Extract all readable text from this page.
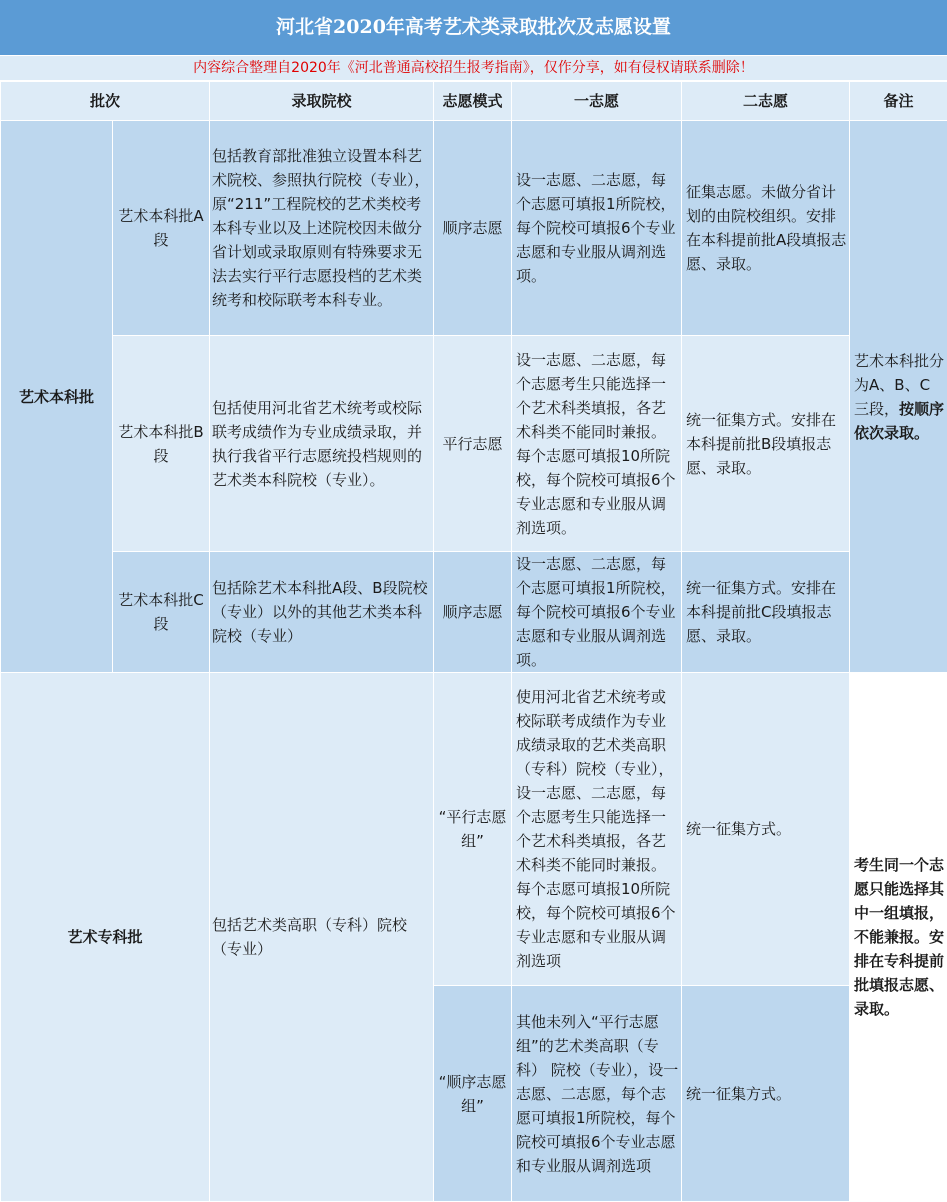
河北省2020年高考艺术类录取批次及志愿设置
内容综合整理自2020年《河北普通高校招生报考指南》，仅作分享，如有侵权请联系删除！
批次		录取院校	志愿模式	一志愿	二志愿	备注
艺术本科批	艺术本科批A段	包括教育部批准独立设置本科艺术院校、参照执行院校（专业），原“211”工程院校的艺术类校考本科专业以及上述院校因未做分省计划或录取原则有特殊要求无法去实行平行志愿投档的艺术类统考和校际联考本科专业。	顺序志愿	设一志愿、二志愿，每个志愿可填报1所院校，每个院校可填报6个专业志愿和专业服从调剂选项。	征集志愿。未做分省计划的由院校组织。安排在本科提前批A段填报志愿、录取。	艺术本科批分为A、B、C三段，按顺序依次录取。
	艺术本科批B段	包括使用河北省艺术统考或校际联考成绩作为专业成绩录取，并执行我省平行志愿统投档规则的艺术类本科院校（专业）。	平行志愿	设一志愿、二志愿，每个志愿考生只能选择一个艺术科类填报，各艺术科类不能同时兼报。每个志愿可填报10所院校，每个院校可填报6个专业志愿和专业服从调剂选项。	统一征集方式。安排在本科提前批B段填报志愿、录取。	
	艺术本科批C段	包括除艺术本科批A段、B段院校（专业）以外的其他艺术类本科院校（专业）	顺序志愿	设一志愿、二志愿，每个志愿可填报1所院校，每个院校可填报6个专业志愿和专业服从调剂选项。	统一征集方式。安排在本科提前批C段填报志愿、录取。	
艺术专科批		包括艺术类高职（专科）院校（专业）	“平行志愿组”	使用河北省艺术统考或校际联考成绩作为专业成绩录取的艺术类高职（专科）院校（专业），设一志愿、二志愿，每个志愿考生只能选择一个艺术科类填报，各艺术科类不能同时兼报。每个志愿可填报10所院校，每个院校可填报6个专业志愿和专业服从调剂选项	统一征集方式。	考生同一个志愿只能选择其中一组填报，不能兼报。安排在专科提前批填报志愿、录取。
			“顺序志愿组”	其他未列入“平行志愿组”的艺术类高职（专科） 院校（专业），设一志愿、二志愿，每个志愿可填报1所院校，每个院校可填报6个专业志愿和专业服从调剂选项	统一征集方式。	
